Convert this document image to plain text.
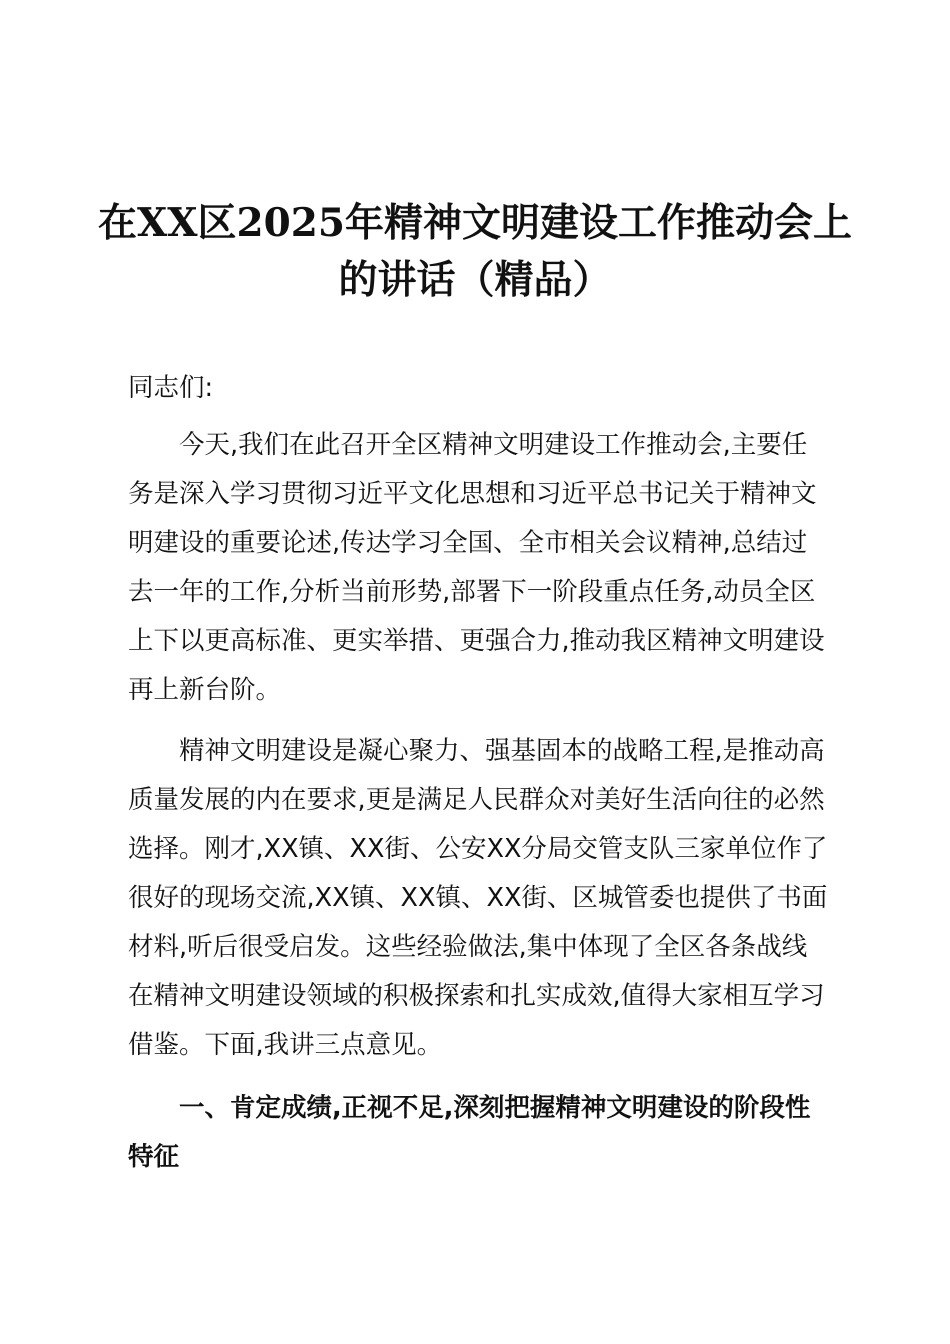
在XX区2025年精神文明建设工作推动会上的讲话（精品）

同志们:

今天,我们在此召开全区精神文明建设工作推动会,主要任务是深入学习贯彻习近平文化思想和习近平总书记关于精神文明建设的重要论述,传达学习全国、全市相关会议精神,总结过去一年的工作,分析当前形势,部署下一阶段重点任务,动员全区上下以更高标准、更实举措、更强合力,推动我区精神文明建设再上新台阶。

精神文明建设是凝心聚力、强基固本的战略工程,是推动高质量发展的内在要求,更是满足人民群众对美好生活向往的必然选择。刚才,XX镇、XX街、公安XX分局交管支队三家单位作了很好的现场交流,XX镇、XX镇、XX街、区城管委也提供了书面材料,听后很受启发。这些经验做法,集中体现了全区各条战线在精神文明建设领域的积极探索和扎实成效,值得大家相互学习借鉴。下面,我讲三点意见。

一、肯定成绩,正视不足,深刻把握精神文明建设的阶段性特征
